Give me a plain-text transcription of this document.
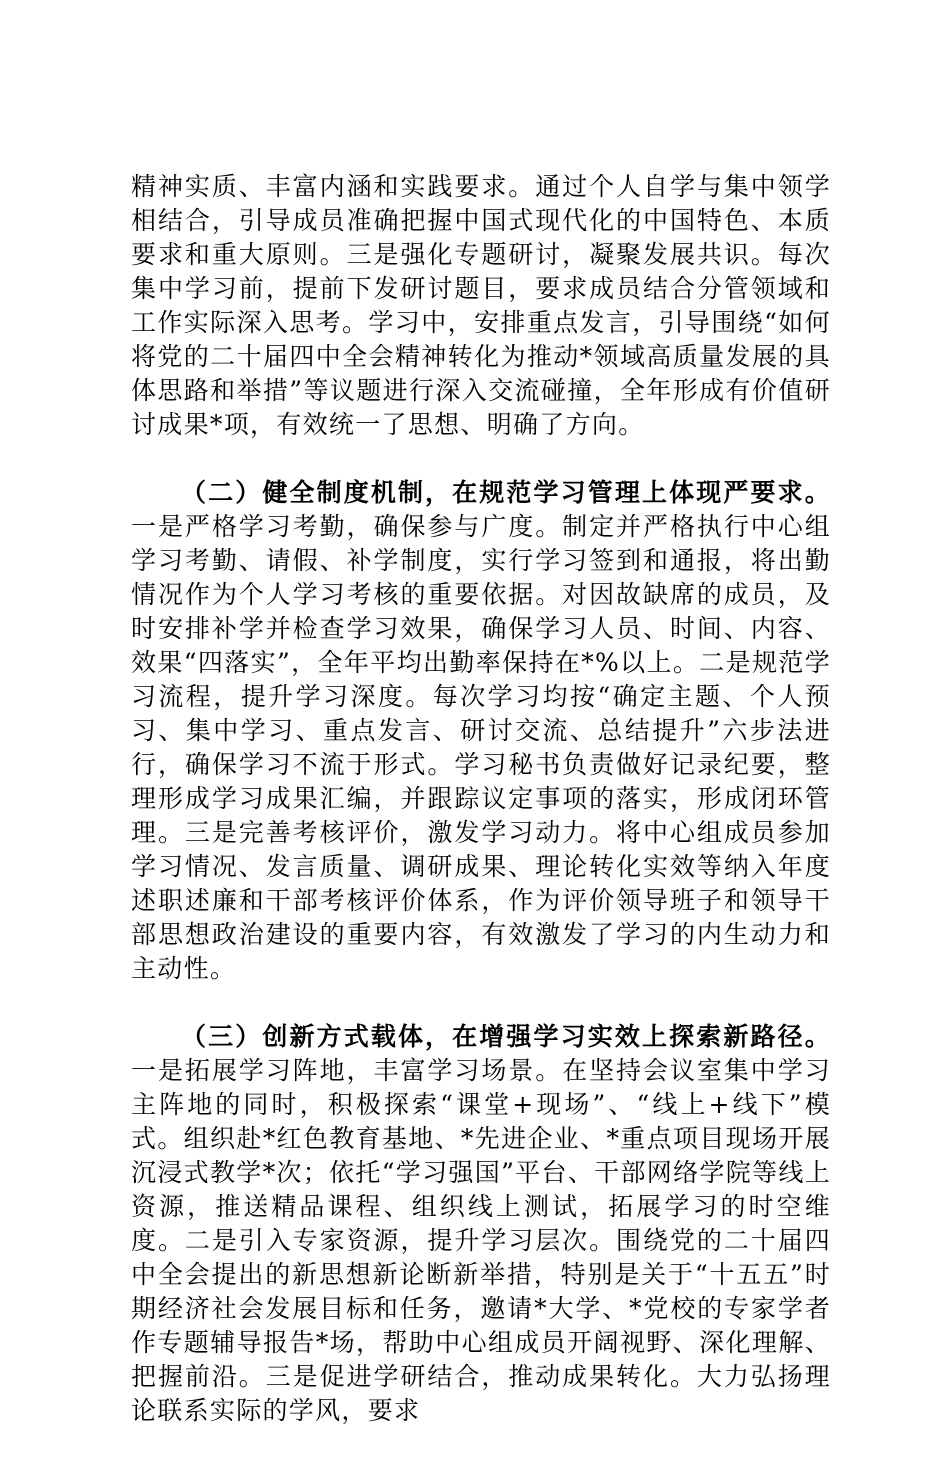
精神实质、丰富内涵和实践要求。通过个人自学与集中领学相结合，引导成员准确把握中国式现代化的中国特色、本质要求和重大原则。三是强化专题研讨，凝聚发展共识。每次集中学习前，提前下发研讨题目，要求成员结合分管领域和工作实际深入思考。学习中，安排重点发言，引导围绕“如何将党的二十届四中全会精神转化为推动*领域高质量发展的具体思路和举措”等议题进行深入交流碰撞，全年形成有价值研讨成果*项，有效统一了思想、明确了方向。

（二）健全制度机制，在规范学习管理上体现严要求。一是严格学习考勤，确保参与广度。制定并严格执行中心组学习考勤、请假、补学制度，实行学习签到和通报，将出勤情况作为个人学习考核的重要依据。对因故缺席的成员，及时安排补学并检查学习效果，确保学习人员、时间、内容、效果“四落实”，全年平均出勤率保持在*%以上。二是规范学习流程，提升学习深度。每次学习均按“确定主题、个人预习、集中学习、重点发言、研讨交流、总结提升”六步法进行，确保学习不流于形式。学习秘书负责做好记录纪要，整理形成学习成果汇编，并跟踪议定事项的落实，形成闭环管理。三是完善考核评价，激发学习动力。将中心组成员参加学习情况、发言质量、调研成果、理论转化实效等纳入年度述职述廉和干部考核评价体系，作为评价领导班子和领导干部思想政治建设的重要内容，有效激发了学习的内生动力和主动性。

（三）创新方式载体，在增强学习实效上探索新路径。一是拓展学习阵地，丰富学习场景。在坚持会议室集中学习主阵地的同时，积极探索“课堂+现场”、“线上+线下”模式。组织赴*红色教育基地、*先进企业、*重点项目现场开展沉浸式教学*次；依托“学习强国”平台、干部网络学院等线上资源，推送精品课程、组织线上测试，拓展学习的时空维度。二是引入专家资源，提升学习层次。围绕党的二十届四中全会提出的新思想新论断新举措，特别是关于“十五五”时期经济社会发展目标和任务，邀请*大学、*党校的专家学者作专题辅导报告*场，帮助中心组成员开阔视野、深化理解、把握前沿。三是促进学研结合，推动成果转化。大力弘扬理论联系实际的学风，要求
